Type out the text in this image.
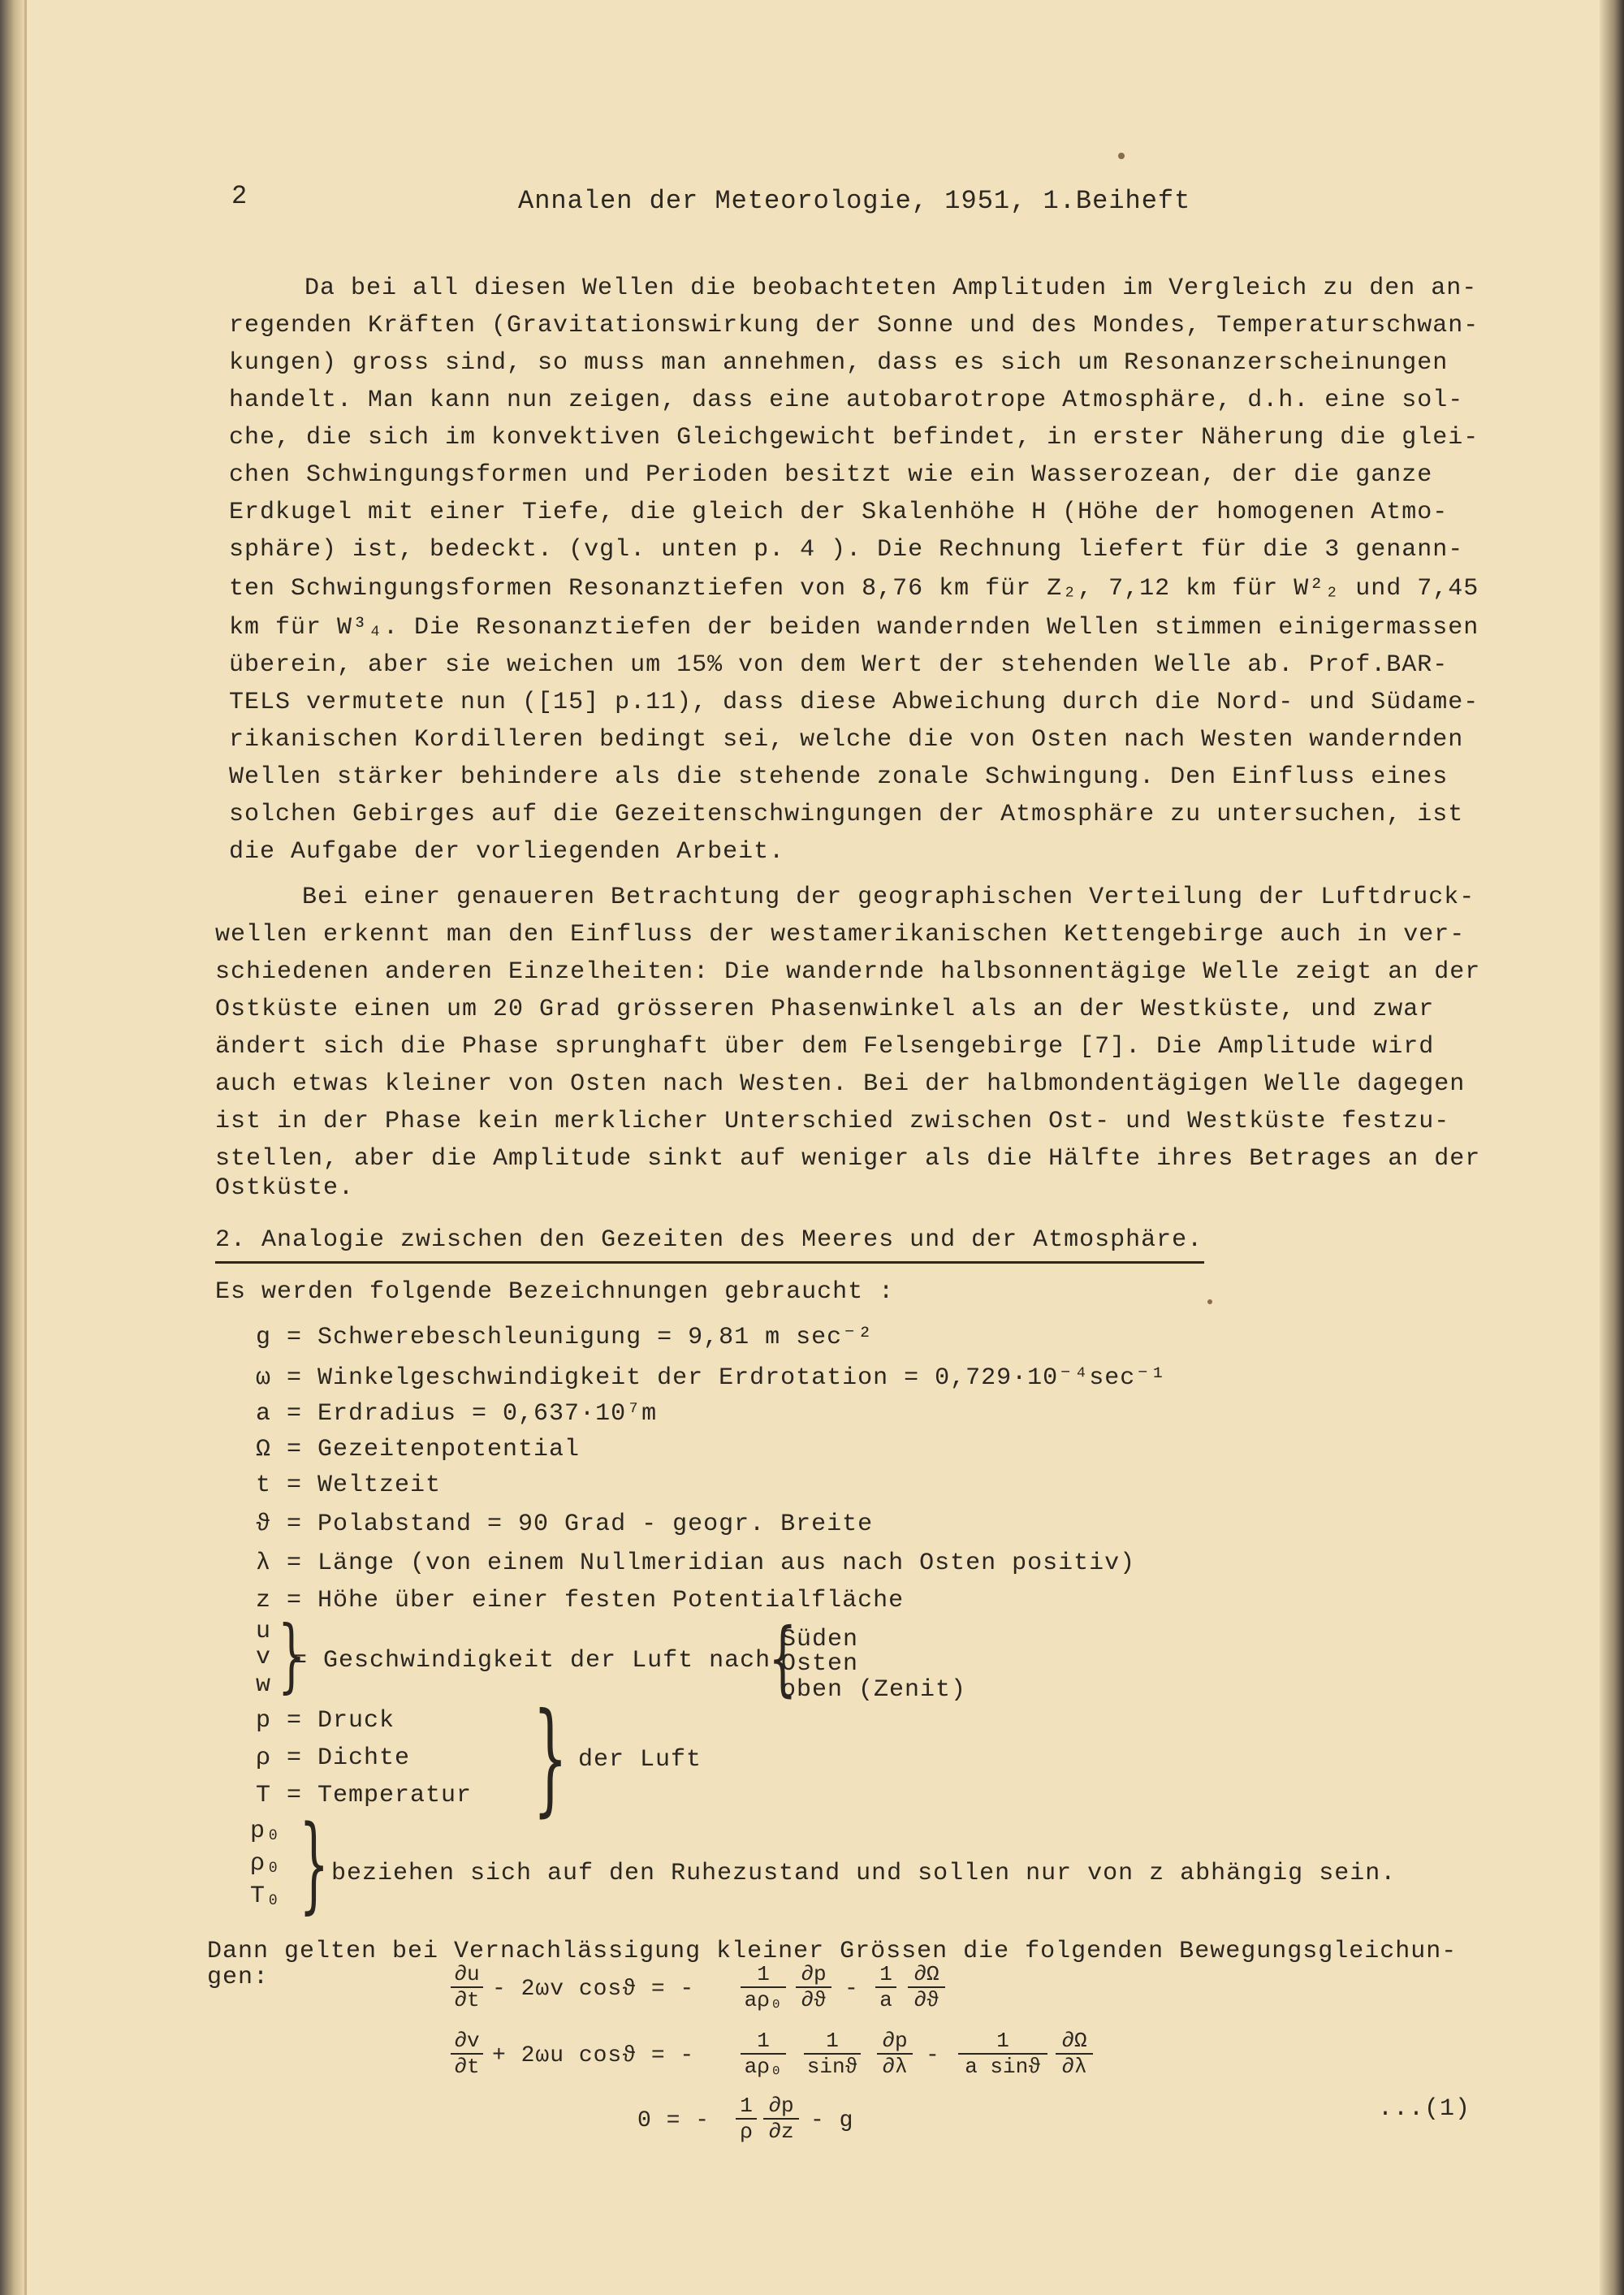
2	Annalen der Meteorologie, 1951, 1.Beiheft
Da bei all diesen Wellen die beobachteten Amplituden im Vergleich zu den an-
regenden Kräften (Gravitationswirkung der Sonne und des Mondes, Temperaturschwan-
kungen) gross sind, so muss man annehmen, dass es sich um Resonanzerscheinungen
handelt. Man kann nun zeigen, dass eine autobarotrope Atmosphäre, d.h. eine sol-
che, die sich im konvektiven Gleichgewicht befindet, in erster Näherung die glei-
chen Schwingungsformen und Perioden besitzt wie ein Wasserozean, der die ganze
Erdkugel mit einer Tiefe, die gleich der Skalenhöhe H (Höhe der homogenen Atmo-
sphäre) ist, bedeckt. (vgl. unten p. 4 ). Die Rechnung liefert für die 3 genann-
ten Schwingungsformen Resonanztiefen von 8,76 km für Z₂, 7,12 km für W²₂ und 7,45
km für W³₄. Die Resonanztiefen der beiden wandernden Wellen stimmen einigermassen
überein, aber sie weichen um 15% von dem Wert der stehenden Welle ab. Prof.BAR-
TELS vermutete nun ([15] p.11), dass diese Abweichung durch die Nord- und Südame-
rikanischen Kordilleren bedingt sei, welche die von Osten nach Westen wandernden
Wellen stärker behindere als die stehende zonale Schwingung. Den Einfluss eines
solchen Gebirges auf die Gezeitenschwingungen der Atmosphäre zu untersuchen, ist
die Aufgabe der vorliegenden Arbeit.
Bei einer genaueren Betrachtung der geographischen Verteilung der Luftdruck-
wellen erkennt man den Einfluss der westamerikanischen Kettengebirge auch in ver-
schiedenen anderen Einzelheiten: Die wandernde halbsonnentägige Welle zeigt an der
Ostküste einen um 20 Grad grösseren Phasenwinkel als an der Westküste, und zwar
ändert sich die Phase sprunghaft über dem Felsengebirge [7]. Die Amplitude wird
auch etwas kleiner von Osten nach Westen. Bei der halbmondentägigen Welle dagegen
ist in der Phase kein merklicher Unterschied zwischen Ost- und Westküste festzu-
stellen, aber die Amplitude sinkt auf weniger als die Hälfte ihres Betrages an der
Ostküste.
2. Analogie zwischen den Gezeiten des Meeres und der Atmosphäre.
Es werden folgende Bezeichnungen gebraucht :
g = Schwerebeschleunigung = 9,81 m sec⁻²
ω = Winkelgeschwindigkeit der Erdrotation = 0,729·10⁻⁴sec⁻¹
a = Erdradius = 0,637·10⁷m
Ω = Gezeitenpotential
t = Weltzeit
ϑ = Polabstand = 90 Grad - geogr. Breite
λ = Länge (von einem Nullmeridian aus nach Osten positiv)
z = Höhe über einer festen Potentialfläche
u
v
w }
= Geschwindigkeit der Luft nach
{
Süden
Osten
oben (Zenit)
p = Druck
ρ = Dichte
T = Temperatur } der Luft
p₀
ρ₀
T₀ } beziehen sich auf den Ruhezustand und sollen nur von z abhängig sein.
Dann gelten bei Vernachlässigung kleiner Grössen die folgenden Bewegungsgleichun-
gen:	∂u
∂t - 2ωv cosϑ = -
1
aρ₀
∂p
∂ϑ -
1
a
∂Ω
∂ϑ
∂v
∂t + 2ωu cosϑ = -
1
aρ₀
1
sinϑ
∂p
∂λ -
1
a sinϑ
∂Ω
∂λ
0 = -
1
ρ
∂p
∂z - g	...(1)
